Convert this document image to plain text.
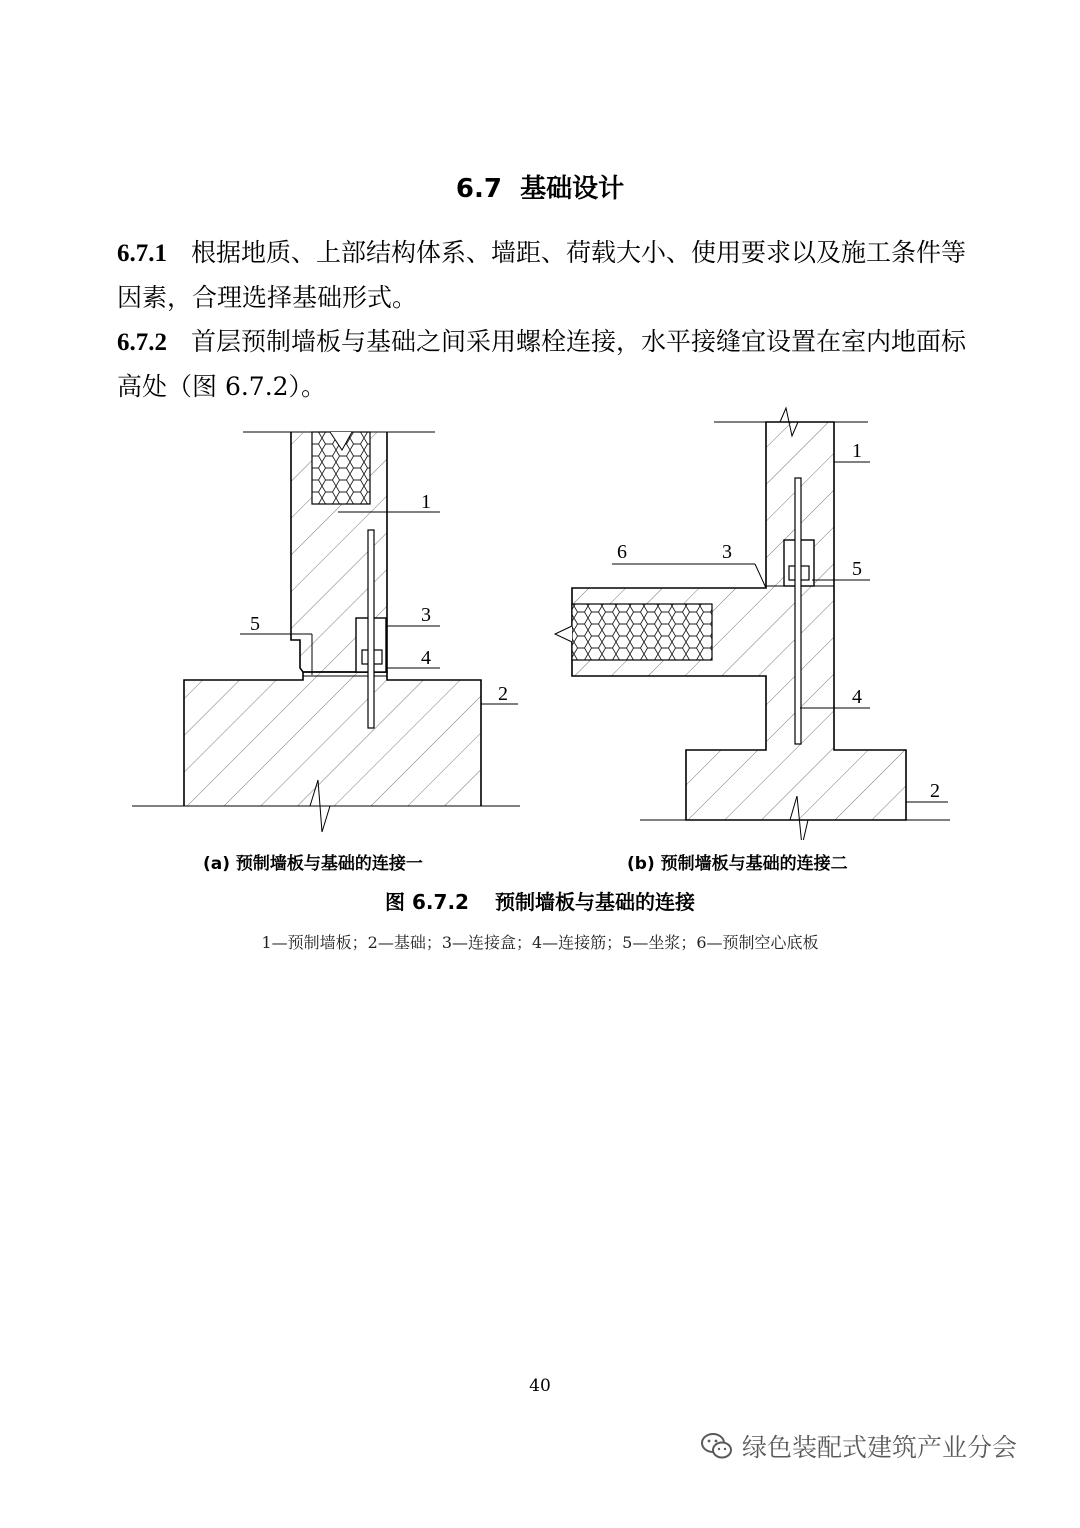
6.7 基础设计
6.7.1 根据地质、上部结构体系、墙距、荷载大小、使用要求以及施工条件等因素，合理选择基础形式。
6.7.2 首层预制墙板与基础之间采用螺栓连接，水平接缝宜设置在室内地面标高处（图 6.7.2）。
1
2
3
4
5
1
2
3
4
5
6
(a) 预制墙板与基础的连接一	(b) 预制墙板与基础的连接二
图 6.7.2 预制墙板与基础的连接
1—预制墙板；2—基础；3—连接盒；4—连接筋；5—坐浆；6—预制空心底板
40
绿色装配式建筑产业分会
